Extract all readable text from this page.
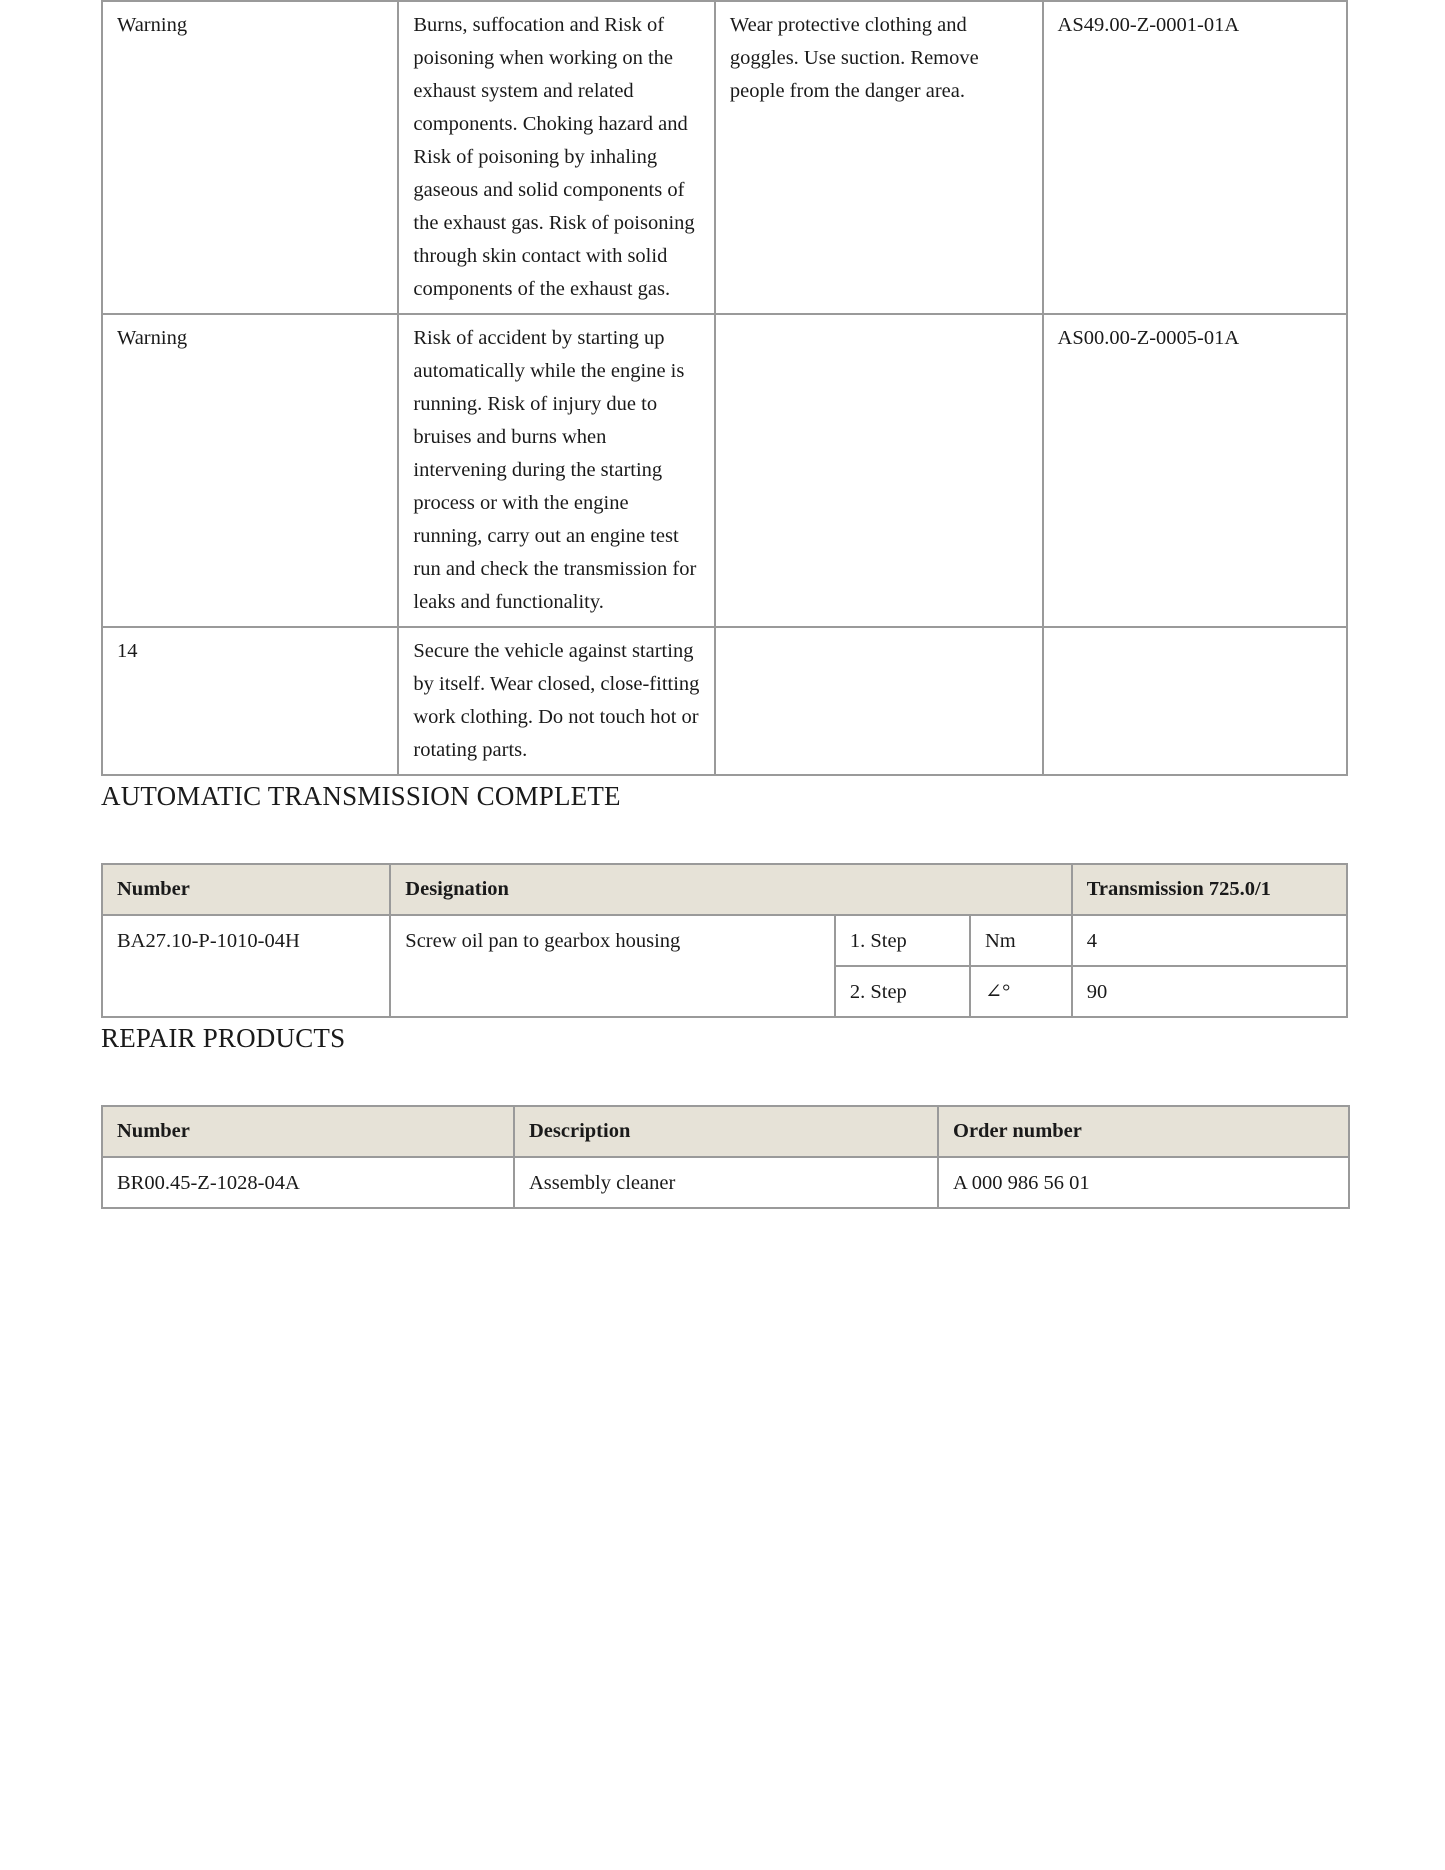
Warning	Burns, suffocation and Risk of poisoning when working on the exhaust system and related components. Choking hazard and Risk of poisoning by inhaling gaseous and solid components of the exhaust gas. Risk of poisoning through skin contact with solid components of the exhaust gas.	Wear protective clothing and goggles. Use suction. Remove people from the danger area.	AS49.00-Z-0001-01A
Warning	Risk of accident by starting up automatically while the engine is running. Risk of injury due to bruises and burns when intervening during the starting process or with the engine running, carry out an engine test run and check the transmission for leaks and functionality.		AS00.00-Z-0005-01A
14	Secure the vehicle against starting by itself. Wear closed, close-fitting work clothing. Do not touch hot or rotating parts.		
AUTOMATIC TRANSMISSION COMPLETE
Number	Designation			Transmission 725.0/1
BA27.10-P-1010-04H	Screw oil pan to gearbox housing	1. Step	Nm	4
		2. Step	∠°	90
REPAIR PRODUCTS
Number	Description	Order number
BR00.45-Z-1028-04A	Assembly cleaner	A 000 986 56 01
